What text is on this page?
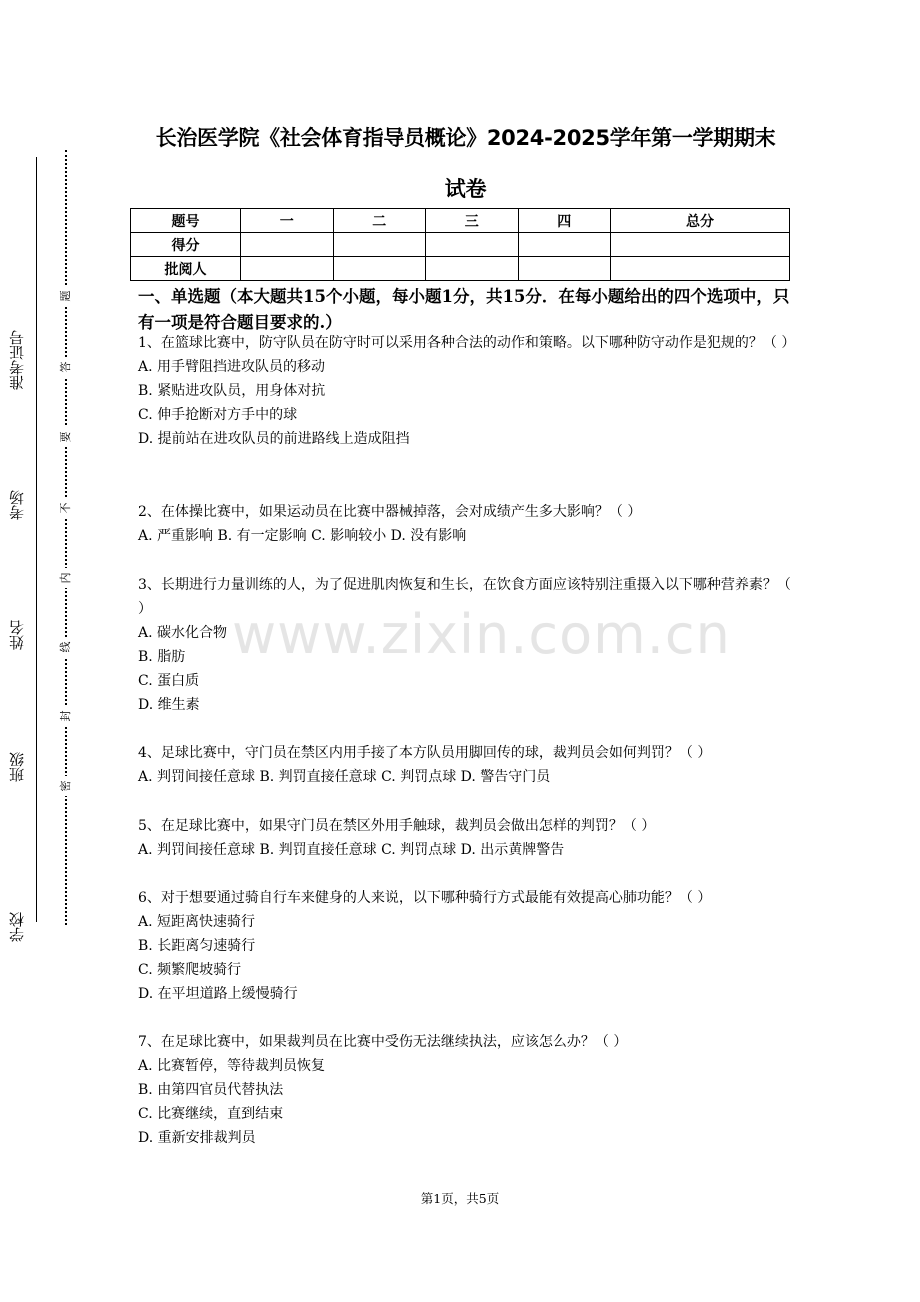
准考证号
考场
姓名
班级
学校
题
答
要
不
内
线
封
密
www.zixin.com.cn
长治医学院《社会体育指导员概论》2024-2025学年第一学期期末
试卷
题号	一	二	三	四	总分
得分					
批阅人					
一、单选题（本大题共15个小题，每小题1分，共15分．在每小题给出的四个选项中，只有一项是符合题目要求的.）
1、在篮球比赛中，防守队员在防守时可以采用各种合法的动作和策略。以下哪种防守动作是犯规的？（ ）
A. 用手臂阻挡进攻队员的移动
B. 紧贴进攻队员，用身体对抗
C. 伸手抢断对方手中的球
D. 提前站在进攻队员的前进路线上造成阻挡
2、在体操比赛中，如果运动员在比赛中器械掉落，会对成绩产生多大影响？（ ）
A. 严重影响 B. 有一定影响 C. 影响较小 D. 没有影响
3、长期进行力量训练的人，为了促进肌肉恢复和生长，在饮食方面应该特别注重摄入以下哪种营养素？（ ）
A. 碳水化合物
B. 脂肪
C. 蛋白质
D. 维生素
4、足球比赛中，守门员在禁区内用手接了本方队员用脚回传的球，裁判员会如何判罚？（ ）
A. 判罚间接任意球 B. 判罚直接任意球 C. 判罚点球 D. 警告守门员
5、在足球比赛中，如果守门员在禁区外用手触球，裁判员会做出怎样的判罚？（ ）
A. 判罚间接任意球 B. 判罚直接任意球 C. 判罚点球 D. 出示黄牌警告
6、对于想要通过骑自行车来健身的人来说，以下哪种骑行方式最能有效提高心肺功能？（ ）
A. 短距离快速骑行
B. 长距离匀速骑行
C. 频繁爬坡骑行
D. 在平坦道路上缓慢骑行
7、在足球比赛中，如果裁判员在比赛中受伤无法继续执法，应该怎么办？（ ）
A. 比赛暂停，等待裁判员恢复
B. 由第四官员代替执法
C. 比赛继续，直到结束
D. 重新安排裁判员
第1页，共5页
